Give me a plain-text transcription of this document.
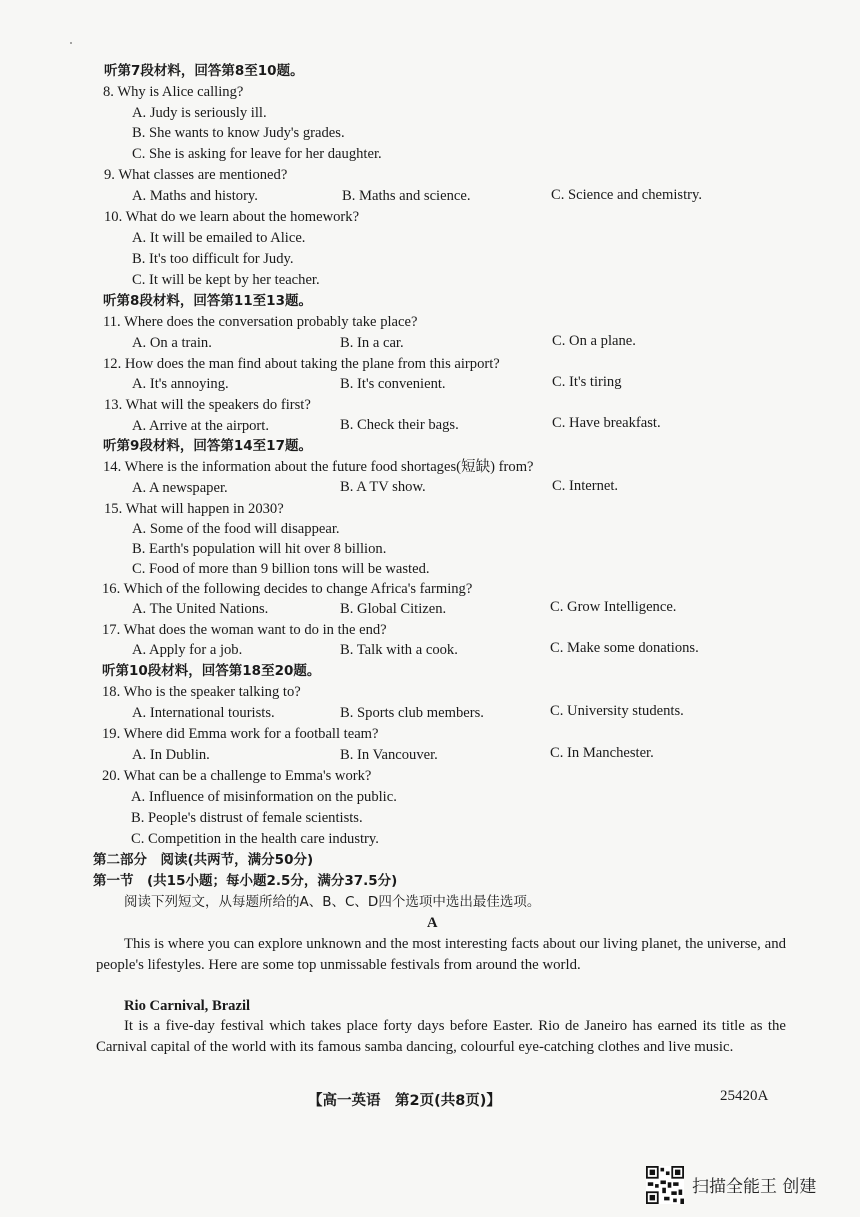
听第7段材料，回答第8至10题。
8. Why is Alice calling?
A. Judy is seriously ill.
B. She wants to know Judy's grades.
C. She is asking for leave for her daughter.
9. What classes are mentioned?
A. Maths and history.	B. Maths and science.	C. Science and chemistry.
10. What do we learn about the homework?
A. It will be emailed to Alice.
B. It's too difficult for Judy.
C. It will be kept by her teacher.
听第8段材料，回答第11至13题。
11. Where does the conversation probably take place?
A. On a train.	B. In a car.	C. On a plane.
12. How does the man find about taking the plane from this airport?
A. It's annoying.	B. It's convenient.	C. It's tiring
13. What will the speakers do first?
A. Arrive at the airport.	B. Check their bags.	C. Have breakfast.
听第9段材料，回答第14至17题。
14. Where is the information about the future food shortages(短缺) from?
A. A newspaper.	B. A TV show.	C. Internet.
15. What will happen in 2030?
A. Some of the food will disappear.
B. Earth's population will hit over 8 billion.
C. Food of more than 9 billion tons will be wasted.
16. Which of the following decides to change Africa's farming?
A. The United Nations.	B. Global Citizen.	C. Grow Intelligence.
17. What does the woman want to do in the end?
A. Apply for a job.	B. Talk with a cook.	C. Make some donations.
听第10段材料，回答第18至20题。
18. Who is the speaker talking to?
A. International tourists.	B. Sports club members.	C. University students.
19. Where did Emma work for a football team?
A. In Dublin.	B. In Vancouver.	C. In Manchester.
20. What can be a challenge to Emma's work?
A. Influence of misinformation on the public.
B. People's distrust of female scientists.
C. Competition in the health care industry.
第二部分　阅读(共两节，满分50分)
第一节　(共15小题；每小题2.5分，满分37.5分)
阅读下列短文，从每题所给的A、B、C、D四个选项中选出最佳选项。
A
This is where you can explore unknown and the most interesting facts about our living planet, the universe, and people's lifestyles. Here are some top unmissable festivals from around the world.
Rio Carnival, Brazil
It is a five-day festival which takes place forty days before Easter. Rio de Janeiro has earned its title as the Carnival capital of the world with its famous samba dancing, colourful eye-catching clothes and live music.
【高一英语　第2页(共8页)】	25420A
扫描全能王 创建
